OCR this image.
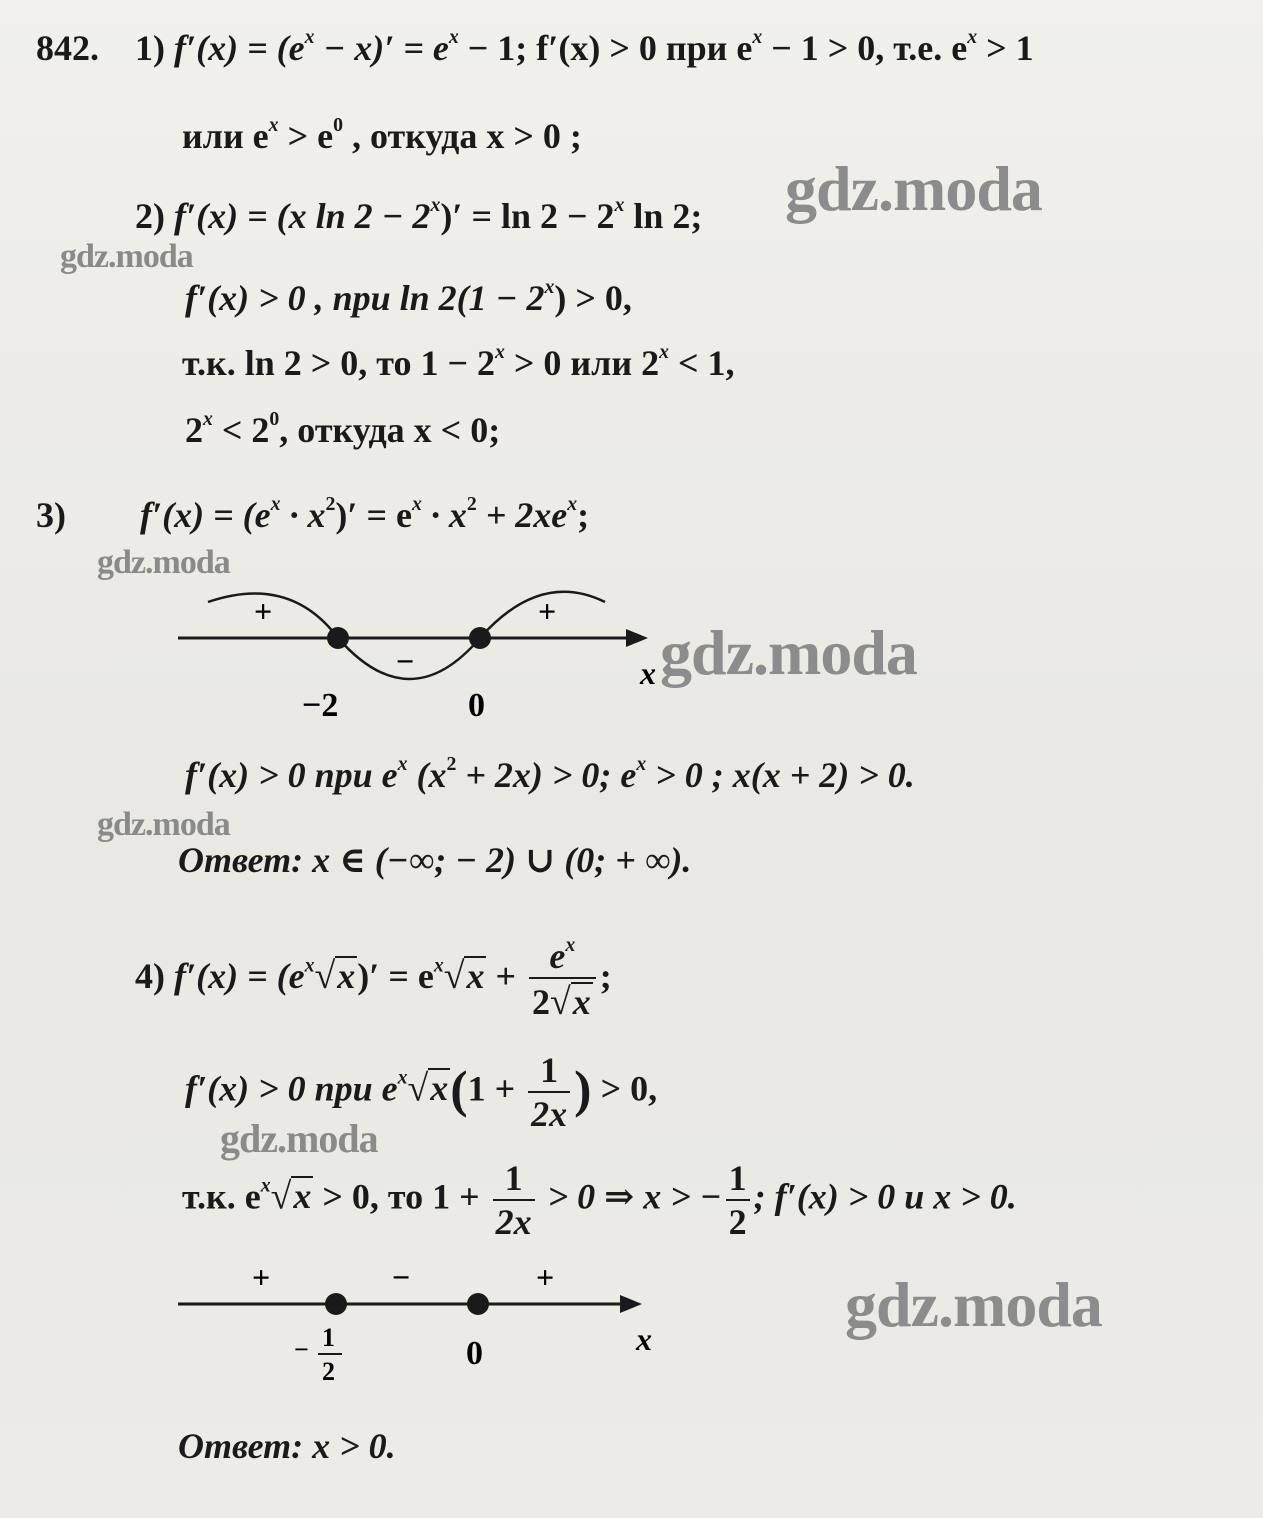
gdz.moda
gdz.moda
gdz.moda
gdz.moda
gdz.moda
gdz.moda
gdz.moda
842. 1) $f'(x) = (e^x - x)' = e^x - 1$; f′(x) > 0 при $e^x - 1 > 0$, т.е. $e^x > 1$
или $e^x > e^0$ , откуда x > 0 ;
2) f′(x) = (x $\ln 2 - 2^x)' = \ln 2 - 2^x$ ln 2;
f′(x) > 0 , при $\ln 2(1 - 2^x) > 0$,
т.к. ln 2 > 0, то $1 - 2^x > 0$ или $2^x < 1$,
$2^x < 2^0$, откуда x < 0;
3) $f'(x) = (e^x \cdot x^2)' = e^x \cdot x^2 + 2xe^x$;
+
−
+
−2	0
x
f′(x) > 0 при $e^x$ $(x^2 + 2x) > 0$; $e^x > 0$ ; x(x + 2) > 0.
Ответ: x ∈ (−∞; − 2) ∪ (0; + ∞).
4) $f'(x) = (e^x√x)' = e^x√x + \frac{e^x}{2√x}$ ;
f′(x) > 0 при $e^x√x(1 + \frac{1}{2x}$ ) > 0,
т.к. $e^x√x > 0$, то $1 + \frac{1}{2x} > 0$ ⇒ x > − $\frac{1}{2}$ ; f′(x) > 0 и x > 0.
+	−	+
− 1
2	0	x
Ответ: x > 0.
